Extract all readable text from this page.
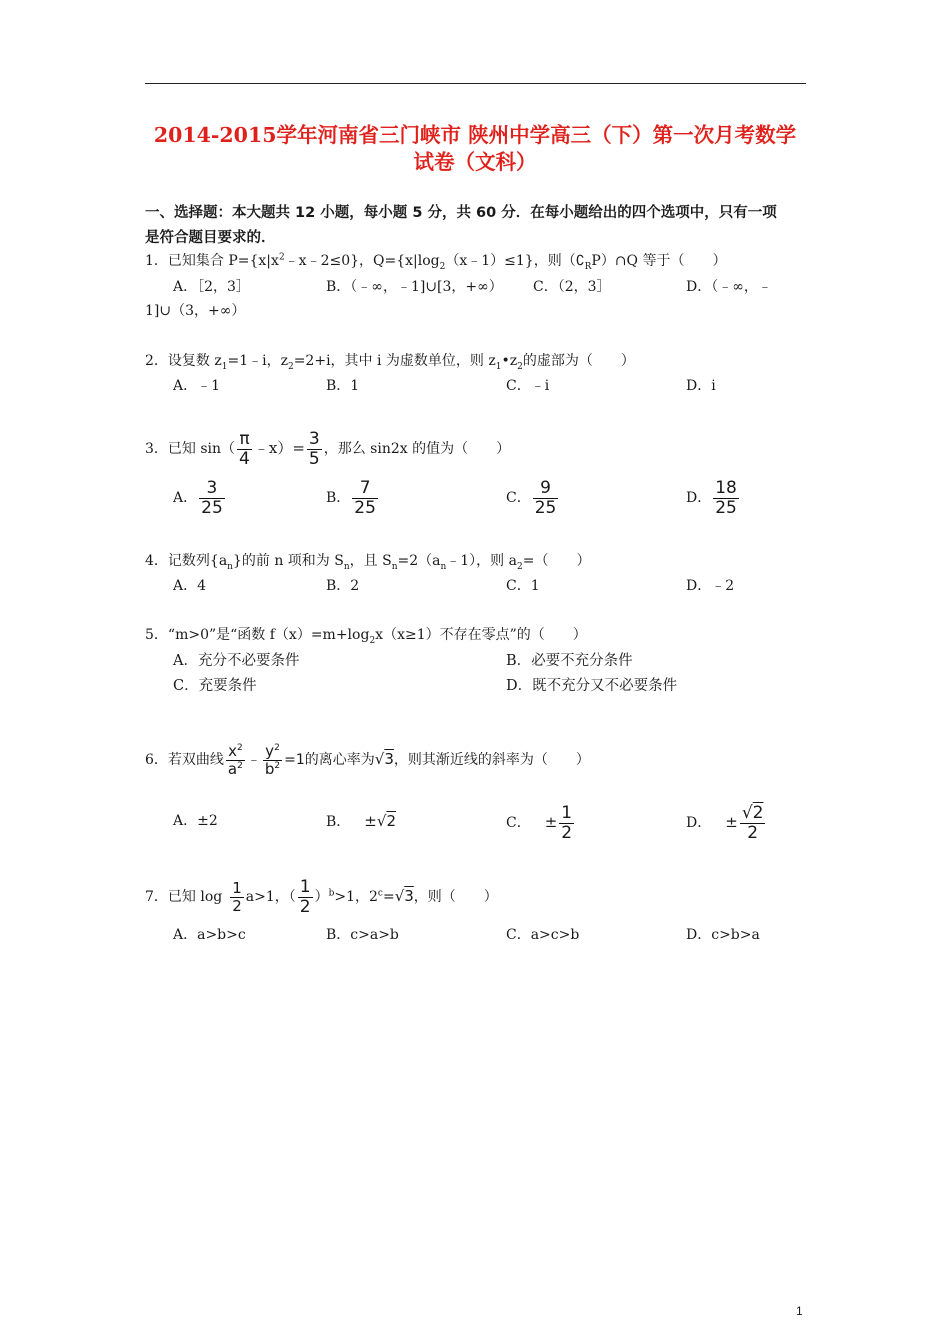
2014-2015学年河南省三门峡市 陕州中学高三（下）第一次月考数学
试卷（文科）
一、选择题：本大题共 12 小题，每小题 5 分，共 60 分．在每小题给出的四个选项中，只有一项
是符合题目要求的．
1．已知集合 $P=\{x|x^2﹣x﹣2\le 0\}$，$Q=\{x|\log_2(x﹣1)\le 1\}$，则$(∁_RP)\cap Q$ 等于（　　）
A．［2，3］	B．（﹣∞，﹣1]∪[3，+∞） C．（2，3］	D．（﹣∞，﹣
1]∪（3，+∞）
2．设复数 $z_1=1﹣i$，$z_2=2+i$，其中 i 为虚数单位，则 $z_1•z_2$的虚部为（　　）
A．﹣1	B．1	C．﹣i	D．i
3．已知 $\sin( \frac{\pi}{4}$ ﹣x）= $\frac{3}{5}$ ，那么 sin2x 的值为（　　）
A． $\frac{3}{25}$	B． $\frac{7}{25}$	C． $\frac{9}{25}$	D． $\frac{18}{25}$
4．记数列$\{a_n\}$的前 n 项和为 $S_n$，且 $S_n=2(a_n﹣1)$，则 $a_2=$（　　）
A．4	B．2	C．1	D．﹣2
5．“m>0”是“函数 $f(x)=m+\log_2x(x\ge 1)$不存在零点”的（　　）
A．充分不必要条件	B．必要不充分条件
C．充要条件	D．既不充分又不必要条件
6．若双曲线 $\frac{x^2}{a^2}$ ﹣ $\frac{y^2}{b^2} =1$的离心率为√3，则其渐近线的斜率为（　　）
A．±2	B． ±√2	C． ± $\frac{1}{2}$	D． ± $\frac{√2}{2}$
7．已知 $\log \frac{1}{2} a>1$，（ $\frac{1}{2} )^b>1$，$2^c=√3$，则（　　）
A．a>b>c	B．c>a>b	C．a>c>b	D．c>b>a
1
